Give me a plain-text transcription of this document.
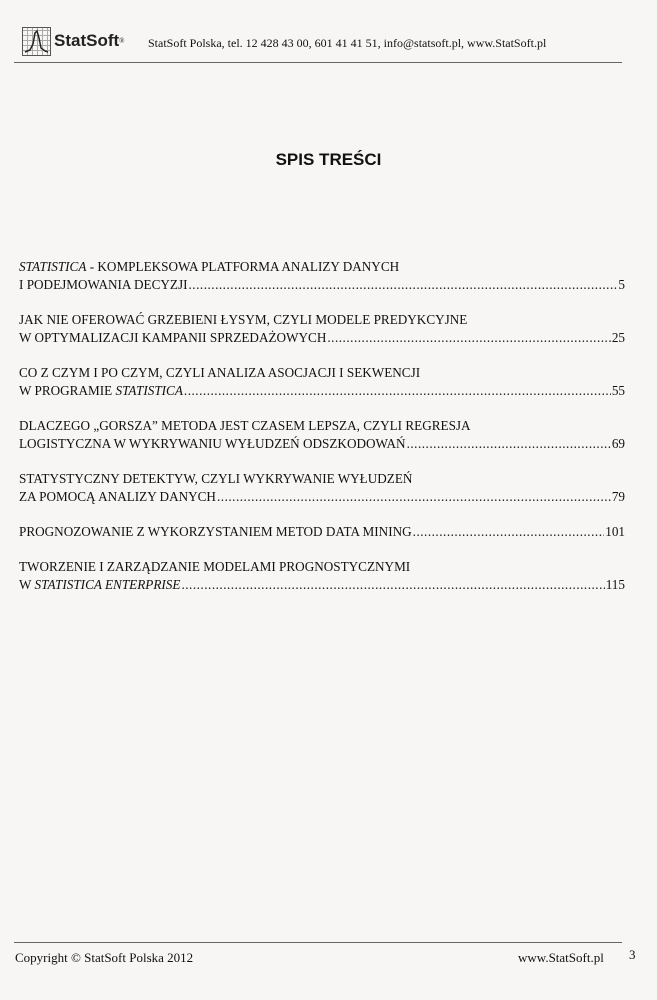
StatSoft ® StatSoft Polska, tel. 12 428 43 00, 601 41 41 51, info@statsoft.pl, www.StatSoft.pl
SPIS TREŚCI
STATISTICA - KOMPLEKSOWA PLATFORMA ANALIZY DANYCH
I PODEJMOWANIA DECYZJI .....	5
JAK NIE OFEROWAĆ GRZEBIENI ŁYSYM, CZYLI MODELE PREDYKCYJNE
W OPTYMALIZACJI KAMPANII SPRZEDAŻOWYCH .....	25
CO Z CZYM I PO CZYM, CZYLI ANALIZA ASOCJACJI I SEKWENCJI
W PROGRAMIE STATISTICA .....	55
DLACZEGO „GORSZA” METODA JEST CZASEM LEPSZA, CZYLI REGRESJA
LOGISTYCZNA W WYKRYWANIU WYŁUDZEŃ ODSZKODOWAŃ .....	69
STATYSTYCZNY DETEKTYW, CZYLI WYKRYWANIE WYŁUDZEŃ
ZA POMOCĄ ANALIZY DANYCH .....	79
PROGNOZOWANIE Z WYKORZYSTANIEM METOD DATA MINING .....	101
TWORZENIE I ZARZĄDZANIE MODELAMI PROGNOSTYCZNYMI
W STATISTICA ENTERPRISE .....	115
Copyright © StatSoft Polska 2012	www.StatSoft.pl 3
